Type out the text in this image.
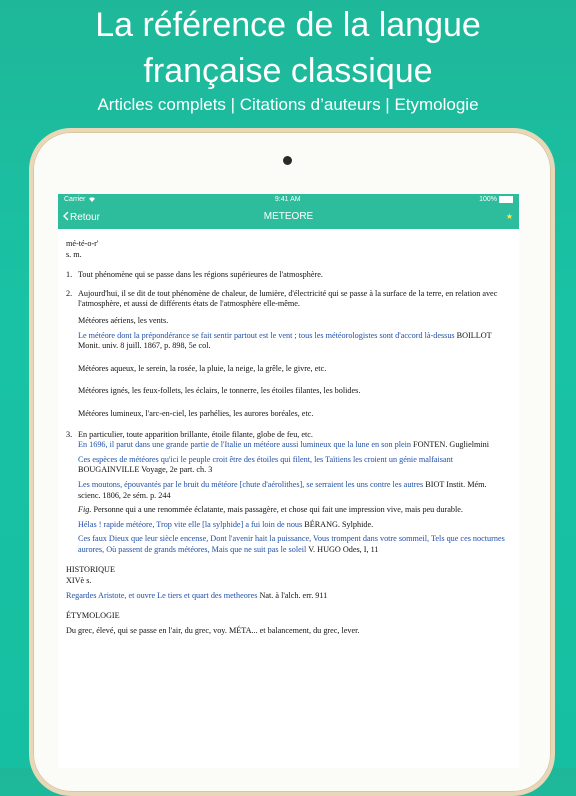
La référence de la langue
française classique
Articles complets | Citations d’auteurs | Etymologie
Carrier	9:41 AM	100%
Retour	METEORE	★
mé-té-o-r'
s. m.
1. Tout phénomène qui se passe dans les régions supérieures de l'atmosphère.
2. Aujourd'hui, il se dit de tout phénomène de chaleur, de lumière, d'électricité qui se passe à la surface de la terre, en relation avec l'atmosphère, et aussi de différents états de l'atmosphère elle-même.
Météores aériens, les vents.
Le météore dont la prépondérance se fait sentir partout est le vent ; tous les météorologistes sont d'accord là-dessus BOILLOT Monit. univ. 8 juill. 1867, p. 898, 5e col.
Météores aqueux, le serein, la rosée, la pluie, la neige, la grêle, le givre, etc.
Météores ignés, les feux-follets, les éclairs, le tonnerre, les étoiles filantes, les bolides.
Météores lumineux, l'arc-en-ciel, les parhélies, les aurores boréales, etc.
3. En particulier, toute apparition brillante, étoile filante, globe de feu, etc.
En 1696, il parut dans une grande partie de l'Italie un météore aussi lumineux que la lune en son plein FONTEN. Guglielmini
Ces espèces de météores qu'ici le peuple croit être des étoiles qui filent, les Taïtiens les croient un génie malfaisant BOUGAINVILLE Voyage, 2e part. ch. 3
Les moutons, épouvantés par le bruit du météore [chute d'aérolithes], se serraient les uns contre les autres BIOT Instit. Mém. scienc. 1806, 2e sém. p. 244
Fig. Personne qui a une renommée éclatante, mais passagère, et chose qui fait une impression vive, mais peu durable.
Hélas ! rapide météore, Trop vite elle [la sylphide] a fui loin de nous BÉRANG. Sylphide.
Ces faux Dieux que leur siècle encense, Dont l'avenir hait la puissance, Vous trompent dans votre sommeil, Tels que ces nocturnes aurores, Où passent de grands météores, Mais que ne suit pas le soleil V. HUGO Odes, I, 11
HISTORIQUE
XIVè s.
Regardes Aristote, et ouvre Le tiers et quart des metheores Nat. à l'alch. err. 911
ÉTYMOLOGIE
Du grec, élevé, qui se passe en l'air, du grec, voy. MÉTA... et balancement, du grec, lever.
